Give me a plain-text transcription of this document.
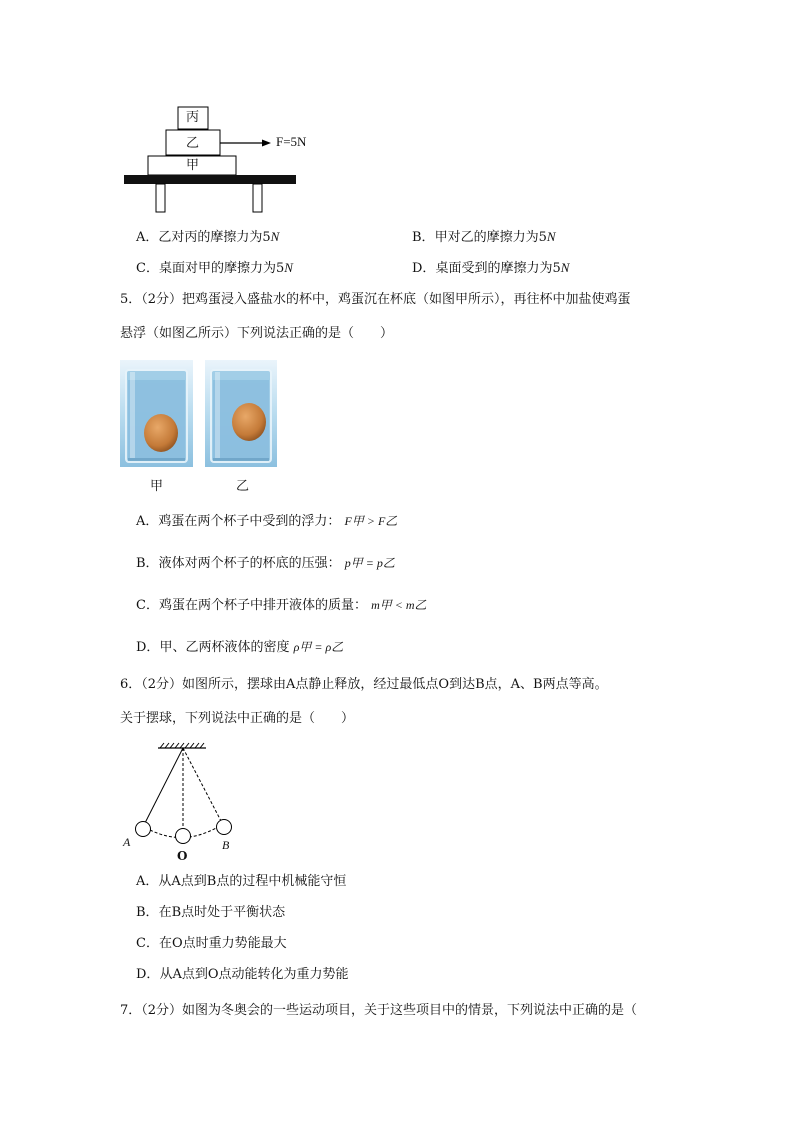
丙
乙
甲
F=5N
A．乙对丙的摩擦力为5N	B．甲对乙的摩擦力为5N
C．桌面对甲的摩擦力为5N	D．桌面受到的摩擦力为5N
5．（2分）把鸡蛋浸入盛盐水的杯中，鸡蛋沉在杯底（如图甲所示），再往杯中加盐使鸡蛋
悬浮（如图乙所示）下列说法正确的是（　　）
甲	乙
A．鸡蛋在两个杯子中受到的浮力： F甲 > F乙
B．液体对两个杯子的杯底的压强： p甲 = p乙
C．鸡蛋在两个杯子中排开液体的质量： m甲 < m乙
D．甲、乙两杯液体的密度 ρ甲 = ρ乙
6．（2分）如图所示，摆球由A点静止释放，经过最低点O到达B点，A、B两点等高。
关于摆球，下列说法中正确的是（　　）
A
O
B
A．从A点到B点的过程中机械能守恒
B．在B点时处于平衡状态
C．在O点时重力势能最大
D．从A点到O点动能转化为重力势能
7．（2分）如图为冬奥会的一些运动项目，关于这些项目中的情景，下列说法中正确的是（
